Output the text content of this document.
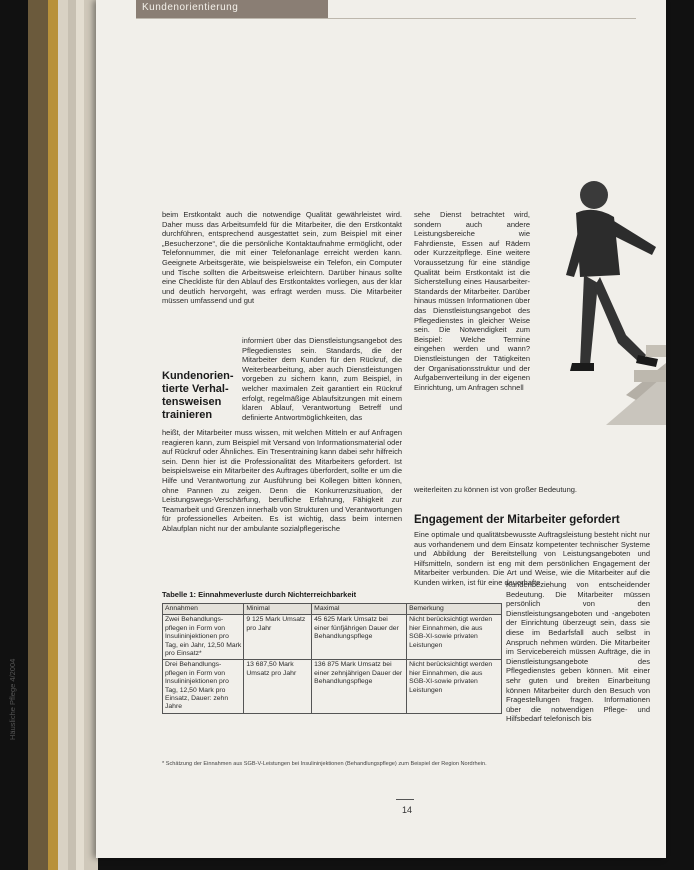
Kundenorientierung

beim Erstkontakt auch die notwendige Qualität gewährleistet wird. Daher muss das Arbeitsumfeld für die Mitarbeiter, die den Erstkontakt durchführen, entsprechend ausgestattet sein, zum Beispiel mit einer „Besucherzone“, die die persönliche Kontaktaufnahme ermöglicht, oder Telefonnummer, die mit einer Telefonanlage erreicht werden kann. Geeignete Arbeitsgeräte, wie beispielsweise ein Telefon, ein Computer und Tische sollten die Arbeitsweise erleichtern. Darüber hinaus sollte eine Checkliste für den Ablauf des Erstkontaktes vorliegen, aus der klar und deutlich hervorgeht, was erfragt werden muss. Die Mitarbeiter müssen umfassend und gut

Kundenorien-
tierte Verhal-
tensweisen
trainieren

informiert über das Dienstleistungsangebot des Pflegedienstes sein. Standards, die der Mitarbeiter dem Kunden für den Rückruf, die Weiterbearbeitung, aber auch Dienstleistungen vorgeben zu sichern kann, zum Beispiel, in welcher maximalen Zeit garantiert ein Rückruf erfolgt, regelmäßige Ablaufsitzungen mit einem klaren Ablauf, Verantwortung Betreff und definierte Antwortmöglichkeiten, das

heißt, der Mitarbeiter muss wissen, mit welchen Mitteln er auf Anfragen reagieren kann, zum Beispiel mit Versand von Informationsmaterial oder auf Rückruf oder Ähnliches. Ein Tresentraining kann dabei sehr hilfreich sein. Denn hier ist die Professionalität des Mitarbeiters gefordert. Ist beispielsweise ein Mitarbeiter des Auftrages überfordert, sollte er um die Hilfe und Verantwortung zur Ausführung bei Kollegen bitten können, ohne Pannen zu zeigen. Denn die Konkurrenzsituation, der Leistungswegs-Verschärfung, berufliche Erfahrung, Fähigkeit zur Teamarbeit und Grenzen innerhalb von Strukturen und Verantwortungen für professionelles Arbeiten. Es ist wichtig, dass beim internen Ablaufplan nicht nur der ambulante sozialpflegerische

sehe Dienst betrachtet wird, sondern auch andere Leistungsbereiche wie Fahrdienste, Essen auf Rädern oder Kurzzeitpflege. Eine weitere Voraussetzung für eine ständige Qualität beim Erstkontakt ist die Sicherstellung eines Hausarbeiter-Standards der Mitarbeiter. Darüber hinaus müssen Informationen über das Dienstleistungsangebot des Pflegedienstes in gleicher Weise sein. Die Notwendigkeit zum Beispiel: Welche Termine eingehen werden und wann? Dienstleistungen der Tätigkeiten der Organisationsstruktur und der Aufgabenverteilung in der eigenen Einrichtung, um Anfragen schnell

weiterleiten zu können ist von großer Bedeutung.

Engagement der Mitarbeiter gefordert

Eine optimale und qualitätsbewusste Auftragsleistung besteht nicht nur aus vorhandenem und dem Einsatz kompetenter technischer Systeme und Abbildung der Bereitstellung von Leistungsangeboten und Hilfsmitteln, sondern ist eng mit dem persönlichen Engagement der Mitarbeiter verbunden. Die Art und Weise, wie die Mitarbeiter auf die Kunden wirken, ist für eine dauerhafte

Kundenbeziehung von entscheidender Bedeutung. Die Mitarbeiter müssen persönlich von den Dienstleistungsangeboten und -angeboten der Einrichtung überzeugt sein, dass sie diese im Bedarfsfall auch selbst in Anspruch nehmen würden. Die Mitarbeiter im Servicebereich müssen Aufträge, die in Dienstleistungsangebote des Pflegedienstes geben können. Mit einer sehr guten und breiten Einarbeitung können Mitarbeiter durch den Besuch von Fragestellungen fragen. Informationen über die notwendigen Pflege- und Hilfsbedarf telefonisch bis

Tabelle 1: Einnahmeverluste durch Nichterreichbarkeit
Annahmen	Minimal	Maximal	Bemerkung
Zwei Behandlungs-pflegen in Form von Insulininjektionen pro Tag, ein Jahr, 12,50 Mark pro Einsatz*	9 125 Mark Umsatz pro Jahr	45 625 Mark Umsatz bei einer fünfjährigen Dauer der Behandlungspflege	Nicht berücksichtigt werden hier Einnahmen, die aus SGB-XI-sowie privaten Leistungen
Drei Behandlungs-pflegen in Form von Insulininjektionen pro Tag, 12,50 Mark pro Einsatz, Dauer: zehn Jahre	13 687,50 Mark Umsatz pro Jahr	136 875 Mark Umsatz bei einer zehnjährigen Dauer der Behandlungspflege	Nicht berücksichtigt werden hier Einnahmen, die aus SGB-XI-sowie privaten Leistungen
* Schätzung der Einnahmen aus SGB-V-Leistungen bei Insulininjektionen (Behandlungspflege) zum Beispiel der Region Nordrhein.
14
Häusliche Pflege 4/2004
